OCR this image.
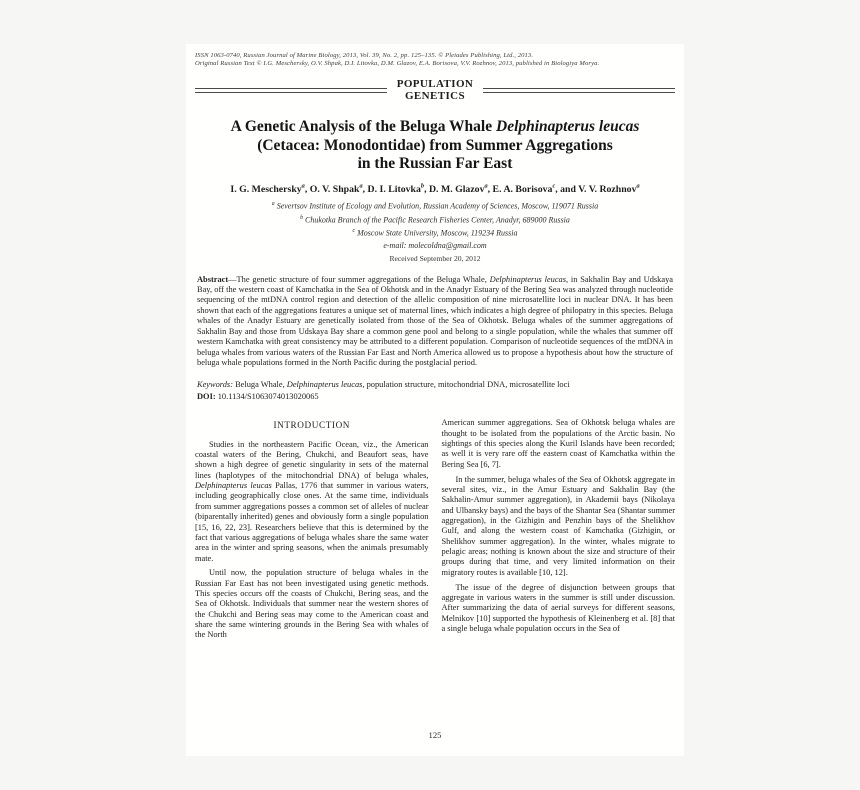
ISSN 1063-0740, Russian Journal of Marine Biology, 2013, Vol. 39, No. 2, pp. 125–135. © Pleiades Publishing, Ltd., 2013.
Original Russian Text © I.G. Meschersky, O.V. Shpak, D.I. Litovka, D.M. Glazov, E.A. Borisova, V.V. Rozhnov, 2013, published in Biologiya Morya.
POPULATION
GENETICS
A Genetic Analysis of the Beluga Whale Delphinapterus leucas
(Cetacea: Monodontidae) from Summer Aggregations
in the Russian Far East
I. G. Meschersky$^a$, O. V. Shpak$^a$, D. I. Litovka$^b$, D. M. Glazov$^a$, E. A. Borisova$^c$, and V. V. Rozhnov$^a$
$^a$ Severtsov Institute of Ecology and Evolution, Russian Academy of Sciences, Moscow, 119071 Russia
$^b$ Chukotka Branch of the Pacific Research Fisheries Center, Anadyr, 689000 Russia
$^c$ Moscow State University, Moscow, 119234 Russia
e-mail: molecoldna@gmail.com
Received September 20, 2012
Abstract—The genetic structure of four summer aggregations of the Beluga Whale, Delphinapterus leucas, in Sakhalin Bay and Udskaya Bay, off the western coast of Kamchatka in the Sea of Okhotsk and in the Anadyr Estuary of the Bering Sea was analyzed through nucleotide sequencing of the mtDNA control region and detection of the allelic composition of nine microsatellite loci in nuclear DNA. It has been shown that each of the aggregations features a unique set of maternal lines, which indicates a high degree of philopatry in this species. Beluga whales of the Anadyr Estuary are genetically isolated from those of the Sea of Okhotsk. Beluga whales of the summer aggregations of Sakhalin Bay and those from Udskaya Bay share a common gene pool and belong to a single population, while the whales that summer off western Kamchatka with great consistency may be attributed to a different population. Comparison of nucleotide sequences of the mtDNA in beluga whales from various waters of the Russian Far East and North America allowed us to propose a hypothesis about how the structure of beluga whale populations formed in the North Pacific during the postglacial period.
Keywords: Beluga Whale, Delphinapterus leucas, population structure, mitochondrial DNA, microsatellite loci
DOI: 10.1134/S1063074013020065
INTRODUCTION

Studies in the northeastern Pacific Ocean, viz., the American coastal waters of the Bering, Chukchi, and Beaufort seas, have shown a high degree of genetic singularity in sets of the maternal lines (haplotypes of the mitochondrial DNA) of beluga whales, Delphinapterus leucas Pallas, 1776 that summer in various waters, including geographically close ones. At the same time, individuals from summer aggregations posses a common set of alleles of nuclear (biparentally inherited) genes and obviously form a single population [15, 16, 22, 23]. Researchers believe that this is determined by the fact that various aggregations of beluga whales share the same water area in the winter and spring seasons, when the animals presumably mate.

Until now, the population structure of beluga whales in the Russian Far East has not been investigated using genetic methods. This species occurs off the coasts of Chukchi, Bering seas, and the Sea of Okhotsk. Individuals that summer near the western shores of the Chukchi and Bering seas may come to the American coast and share the same wintering grounds in the Bering Sea with whales of the North

American summer aggregations. Sea of Okhotsk beluga whales are thought to be isolated from the populations of the Arctic basin. No sightings of this species along the Kuril Islands have been recorded; as well it is very rare off the eastern coast of Kamchatka within the Bering Sea [6, 7].

In the summer, beluga whales of the Sea of Okhotsk aggregate in several sites, viz., in the Amur Estuary and Sakhalin Bay (the Sakhalin-Amur summer aggregation), in Akademii bays (Nikolaya and Ulbansky bays) and the bays of the Shantar Sea (Shantar summer aggregation), in the Gizhigin and Penzhin bays of the Shelikhov Gulf, and along the western coast of Kamchatka (Gizhigin, or Shelikhov summer aggregation). In the winter, whales migrate to pelagic areas; nothing is known about the size and structure of their groups during that time, and very limited information on their migratory routes is available [10, 12].

The issue of the degree of disjunction between groups that aggregate in various waters in the summer is still under discussion. After summarizing the data of aerial surveys for different seasons, Melnikov [10] supported the hypothesis of Kleinenberg et al. [8] that a single beluga whale population occurs in the Sea of

125
